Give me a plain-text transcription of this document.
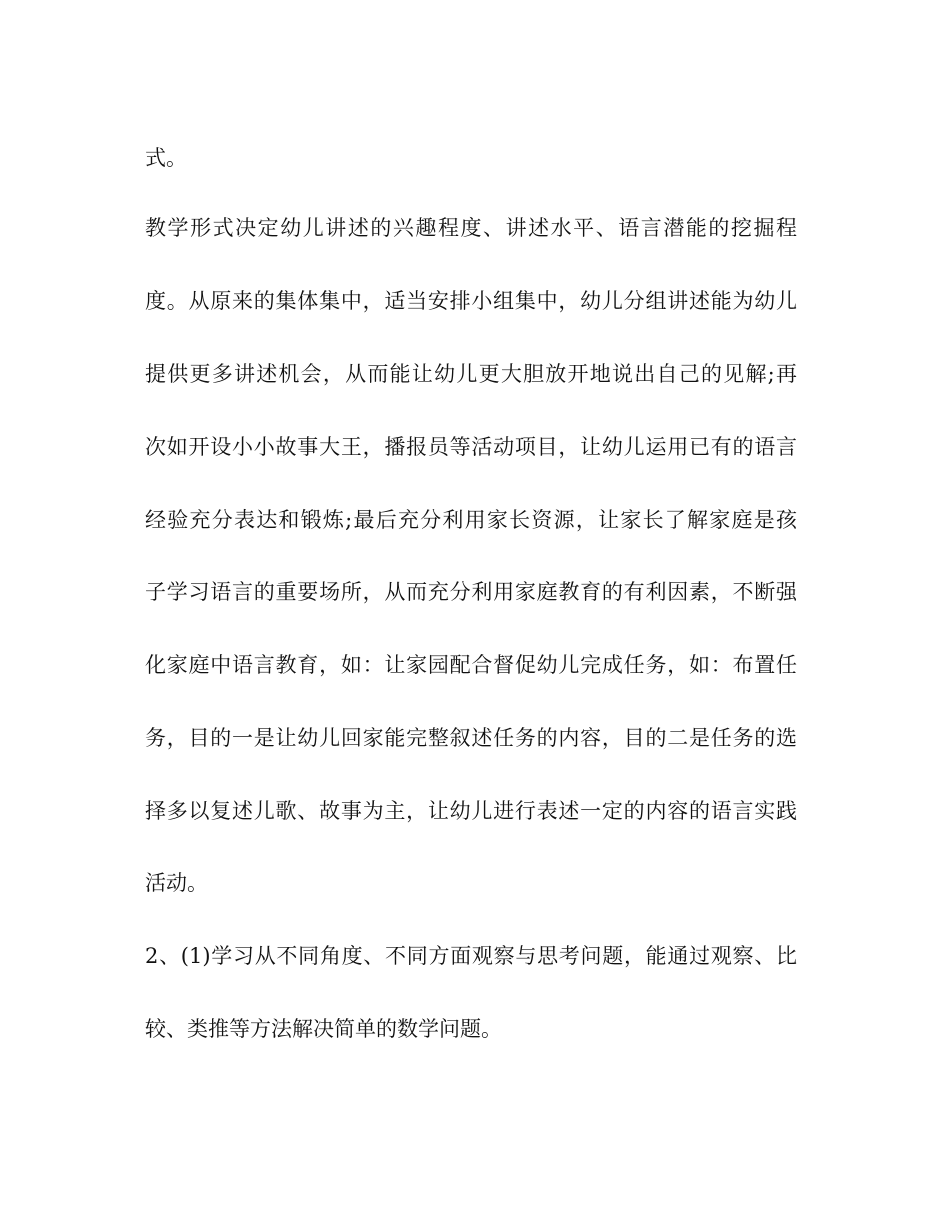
式。
教学形式决定幼儿讲述的兴趣程度、讲述水平、语言潜能的挖掘程
度。从原来的集体集中，适当安排小组集中，幼儿分组讲述能为幼儿
提供更多讲述机会，从而能让幼儿更大胆放开地说出自己的见解;再
次如开设小小故事大王，播报员等活动项目，让幼儿运用已有的语言
经验充分表达和锻炼;最后充分利用家长资源，让家长了解家庭是孩
子学习语言的重要场所，从而充分利用家庭教育的有利因素，不断强
化家庭中语言教育，如：让家园配合督促幼儿完成任务，如：布置任
务，目的一是让幼儿回家能完整叙述任务的内容，目的二是任务的选
择多以复述儿歌、故事为主，让幼儿进行表述一定的内容的语言实践
活动。
2、(1)学习从不同角度、不同方面观察与思考问题，能通过观察、比
较、类推等方法解决简单的数学问题。
